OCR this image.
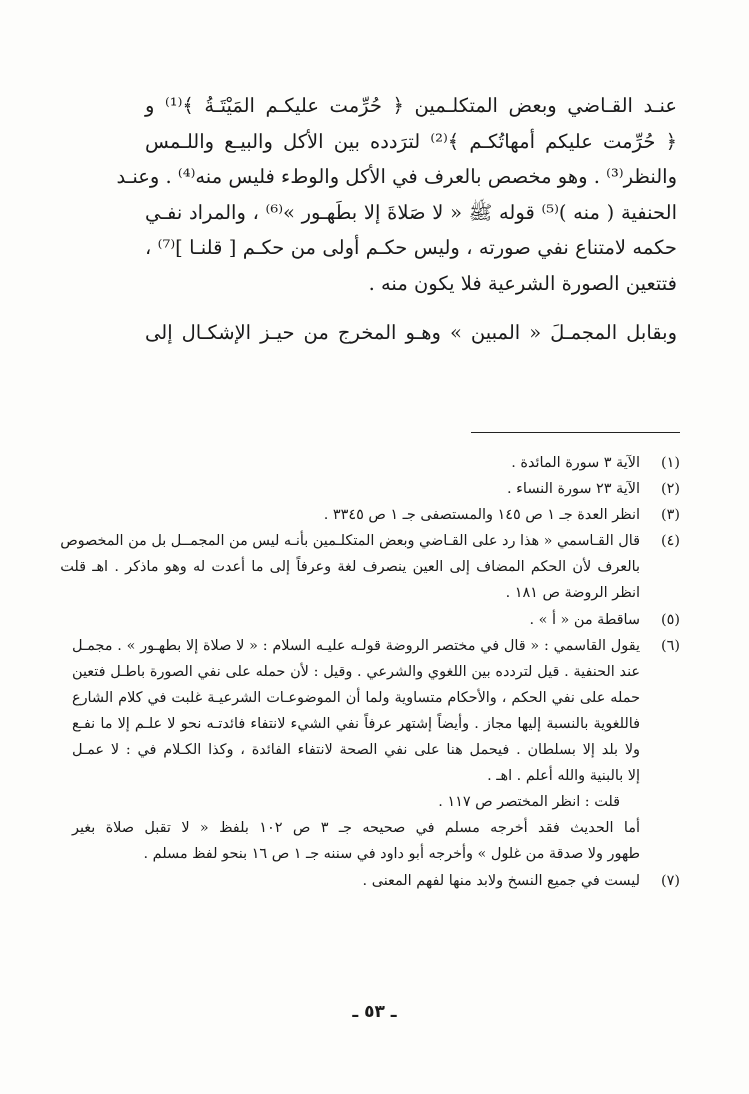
عنـد القـاضي وبعض المتكلـمين ﴿ حُرِّمت عليكـم المَيْتَـةُ ﴾⁽¹⁾ و
﴿ حُرِّمت عليكم أمهاتُكـم ﴾⁽²⁾ لترَدده بين الأكل والبيـع واللـمس
والنظر⁽³⁾ . وهو مخصص بالعرف في الأكل والوطء فليس منه⁽⁴⁾ . وعنـد
الحنفية ( منه )⁽⁵⁾ قوله ﷺ « لا صَلاةَ إلا بطَهـور »⁽⁶⁾ ، والمراد نفـي
حكمه لامتناع نفي صورته ، وليس حكـم أولى من حكـم [ قلنـا ]⁽⁷⁾ ،
فتتعين الصورة الشرعية فلا يكون منه .
وبقابل المجمـلَ « المبين » وهـو المخرج من حيـز الإشكـال إلى
(١)
الآية ٣ سورة المائدة .
(٢)
الآية ٢٣ سورة النساء .
(٣)
انظر العدة جـ ١ ص ١٤٥ والمستصفى جـ ١ ص ٣٣٤٥ .
(٤)
قال القـاسمي « هذا رد على القـاضي وبعض المتكلـمين بأنـه ليس من المجمــل بل من المخصوص
بالعرف لأن الحكم المضاف إلى العين ينصرف لغة وعرفاً إلى ما أعدت له وهو ماذكر . اهـ قلت
انظر الروضة ص ١٨١ .
(٥)
ساقطة من « أ » .
(٦)
يقول القاسمي : « قال في مختصر الروضة قولـه عليـه السلام : « لا صلاة إلا بطهـور » . مجمـل
عند الحنفية . قيل لتردده بين اللغوي والشرعي . وقيل : لأن حمله على نفي الصورة باطـل فتعين
حمله على نفي الحكم ، والأحكام متساوية ولما أن الموضوعـات الشرعيـة غلبت في كلام الشارع
فاللغوية بالنسبة إليها مجاز . وأيضاً إشتهر عرفاً نفي الشيء لانتفاء فائدتـه نحو لا علـم إلا ما نفـع
ولا بلد إلا بسلطان . فيحمل هنا على نفي الصحة لانتفاء الفائدة ، وكذا الكـلام في : لا عمـل
إلا بالبنية والله أعلم . اهـ .
قلت : انظر المختصر ص ١١٧ .
أما الحديث فقد أخرجه مسلم في صحيحه جـ ٣ ص ١٠٢ بلفظ « لا تقبل صلاة بغير
طهور ولا صدقة من غلول » وأخرجه أبو داود في سننه جـ ١ ص ١٦ بنحو لفظ مسلم .
(٧)
ليست في جميع النسخ ولابد منها لفهم المعنى .
ـ ٥٣ ـ
